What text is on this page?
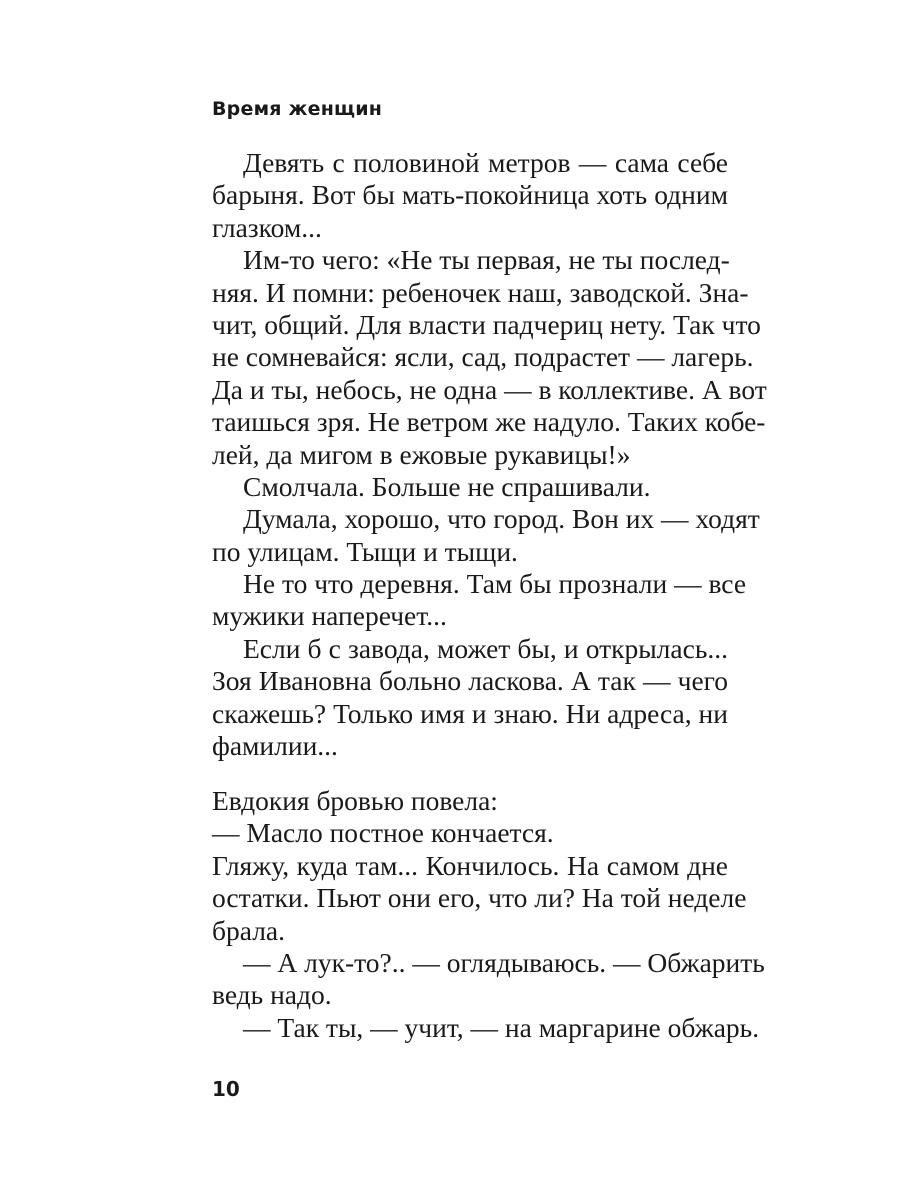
Время женщин
Девять с половиной метров — сама себе
барыня. Вот бы мать-покойница хоть одним
глазком...
Им-то чего: «Не ты первая, не ты послед-
няя. И помни: ребеночек наш, заводской. Зна-
чит, общий. Для власти падчериц нету. Так что
не сомневайся: ясли, сад, подрастет — лагерь.
Да и ты, небось, не одна — в коллективе. А вот
таишься зря. Не ветром же надуло. Таких кобе-
лей, да мигом в ежовые рукавицы!»
Смолчала. Больше не спрашивали.
Думала, хорошо, что город. Вон их — ходят
по улицам. Тыщи и тыщи.
Не то что деревня. Там бы прознали — все
мужики наперечет...
Если б с завода, может бы, и открылась...
Зоя Ивановна больно ласкова. А так — чего
скажешь? Только имя и знаю. Ни адреса, ни
фамилии...
Евдокия бровью повела:
— Масло постное кончается.
Гляжу, куда там... Кончилось. На самом дне
остатки. Пьют они его, что ли? На той неделе
брала.
— А лук-то?.. — оглядываюсь. — Обжарить
ведь надо.
— Так ты, — учит, — на маргарине обжарь.
10
